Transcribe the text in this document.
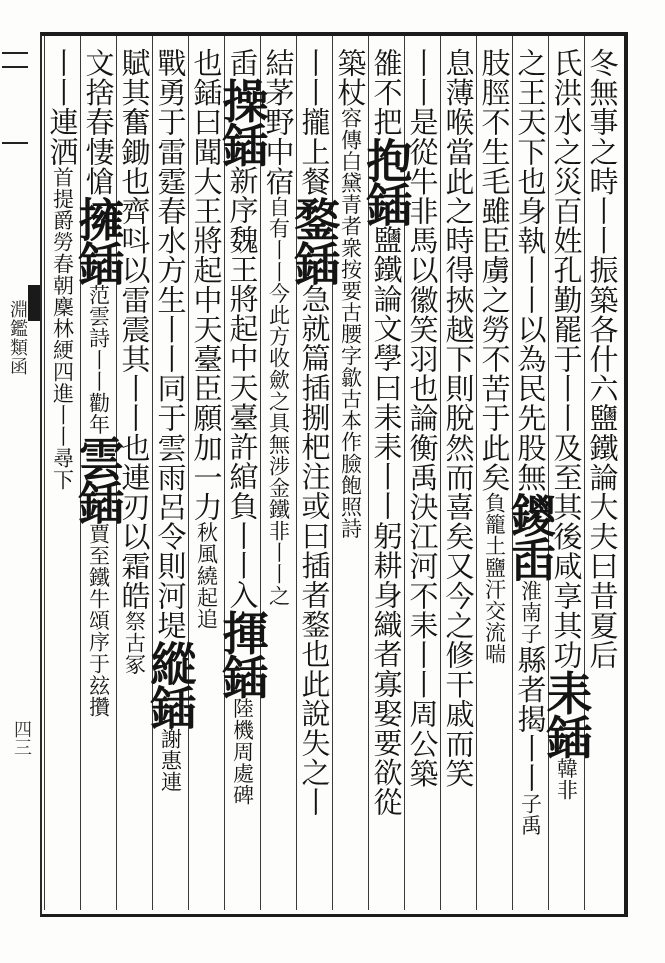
淵鑑類函
四三
冬無事之時丨丨振築各什六鹽鐵論大夫曰昔夏后
氏洪水之災百姓孔勤罷于丨丨及至其後咸享其功耒鍤韓非
之王天下也身執丨丨以為民先股無鑁臿淮南子縣者揭丨丨子禹
肢脛不生毛雖臣虜之勞不苦于此矣負籠土鹽汗交流喘
息薄喉當此之時得挾越下則脫然而喜矣又今之修干戚而笑
丨丨是從牛非馬以徽笑羽也論衡禹決江河不耒丨丨周公築
雒不把抱鍤鹽鐵論文學曰耒耒丨丨躬耕身織者寡娶要欲從
築杖容傳白黛青者衆按要古腰字歙古本作臉飽照詩
丨丨攏上餐鍪鍤急就篇插捌杷注或曰插者鍪也此說失之丨
結茅野中宿自有丨丨今此方收歛之具無涉金鐵非丨丨之
臿操鍤新序魏王將起中天臺許綰負丨丨入揮鍤陸機周處碑
也鍤曰聞大王將起中天臺臣願加一力秋風繞起追
戰勇于雷霆春水方生丨丨同于雲雨呂令則河堤縱鍤謝惠連
賦其奮鋤也齊呌以雷震其丨丨也連刃以霜皓祭古冢
文捨春悽愴擁鍤范雲詩丨丨勸年雲鍤賈至鐵牛頌序于玆攢
丨丨連洒首提爵勞春朝麇林綆四進丨丨尋下
